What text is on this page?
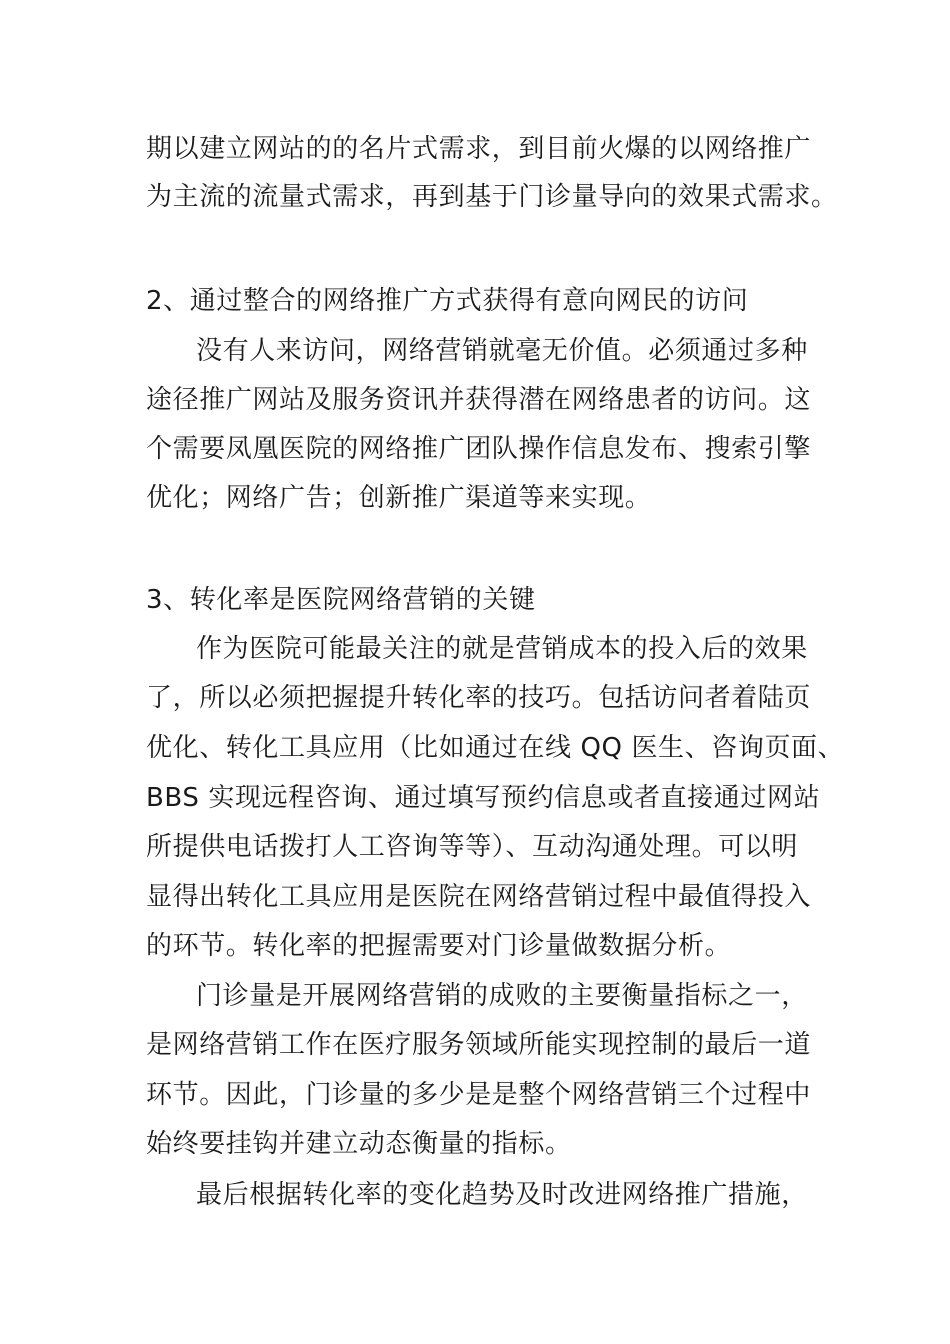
期以建立网站的的名片式需求，到目前火爆的以网络推广
为主流的流量式需求，再到基于门诊量导向的效果式需求。
2、通过整合的网络推广方式获得有意向网民的访问
没有人来访问，网络营销就毫无价值。必须通过多种
途径推广网站及服务资讯并获得潜在网络患者的访问。这
个需要凤凰医院的网络推广团队操作信息发布、搜索引擎
优化；网络广告；创新推广渠道等来实现。
3、转化率是医院网络营销的关键
作为医院可能最关注的就是营销成本的投入后的效果
了，所以必须把握提升转化率的技巧。包括访问者着陆页
优化、转化工具应用（比如通过在线 QQ 医生、咨询页面、
BBS 实现远程咨询、通过填写预约信息或者直接通过网站
所提供电话拨打人工咨询等等）、互动沟通处理。可以明
显得出转化工具应用是医院在网络营销过程中最值得投入
的环节。转化率的把握需要对门诊量做数据分析。
门诊量是开展网络营销的成败的主要衡量指标之一，
是网络营销工作在医疗服务领域所能实现控制的最后一道
环节。因此，门诊量的多少是是整个网络营销三个过程中
始终要挂钩并建立动态衡量的指标。
最后根据转化率的变化趋势及时改进网络推广措施，
